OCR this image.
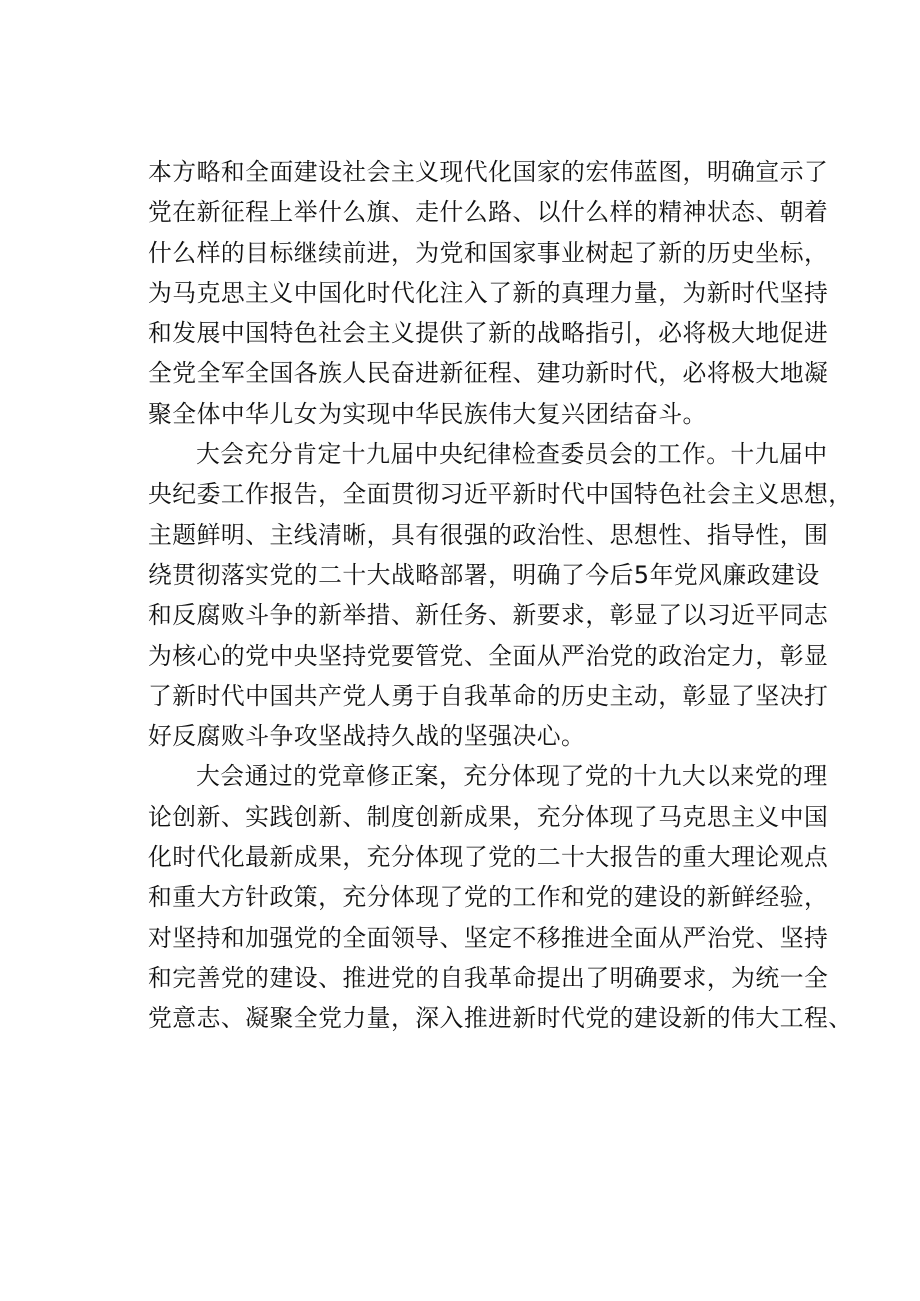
本方略和全面建设社会主义现代化国家的宏伟蓝图，明确宣示了
党在新征程上举什么旗、走什么路、以什么样的精神状态、朝着
什么样的目标继续前进，为党和国家事业树起了新的历史坐标，
为马克思主义中国化时代化注入了新的真理力量，为新时代坚持
和发展中国特色社会主义提供了新的战略指引，必将极大地促进
全党全军全国各族人民奋进新征程、建功新时代，必将极大地凝
聚全体中华儿女为实现中华民族伟大复兴团结奋斗。
大会充分肯定十九届中央纪律检查委员会的工作。十九届中
央纪委工作报告，全面贯彻习近平新时代中国特色社会主义思想，
主题鲜明、主线清晰，具有很强的政治性、思想性、指导性，围
绕贯彻落实党的二十大战略部署，明确了今后5年党风廉政建设
和反腐败斗争的新举措、新任务、新要求，彰显了以习近平同志
为核心的党中央坚持党要管党、全面从严治党的政治定力，彰显
了新时代中国共产党人勇于自我革命的历史主动，彰显了坚决打
好反腐败斗争攻坚战持久战的坚强决心。
大会通过的党章修正案，充分体现了党的十九大以来党的理
论创新、实践创新、制度创新成果，充分体现了马克思主义中国
化时代化最新成果，充分体现了党的二十大报告的重大理论观点
和重大方针政策，充分体现了党的工作和党的建设的新鲜经验，
对坚持和加强党的全面领导、坚定不移推进全面从严治党、坚持
和完善党的建设、推进党的自我革命提出了明确要求，为统一全
党意志、凝聚全党力量，深入推进新时代党的建设新的伟大工程、
